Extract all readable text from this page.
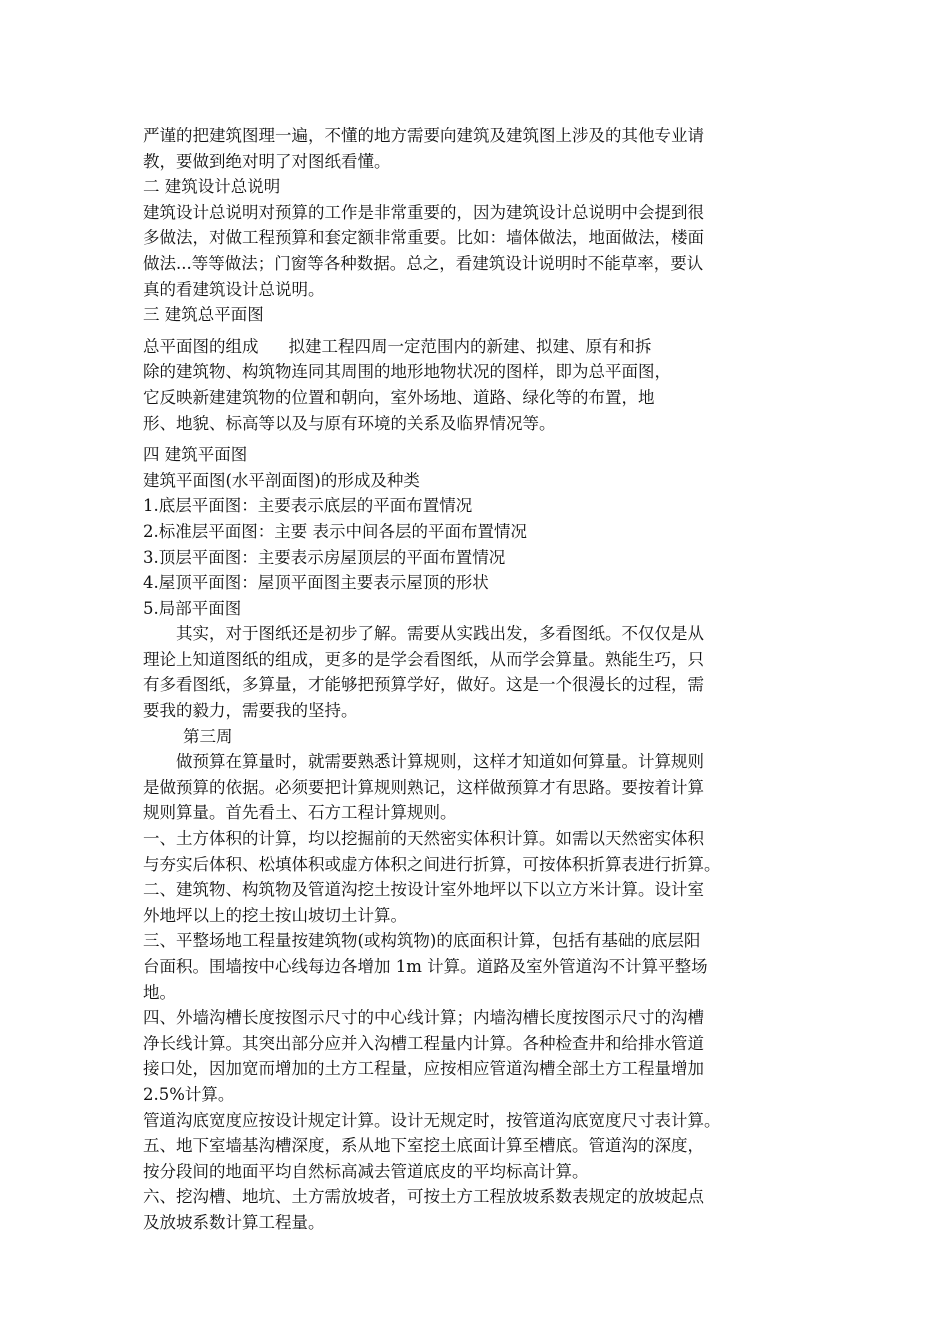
严谨的把建筑图理一遍，不懂的地方需要向建筑及建筑图上涉及的其他专业请
教，要做到绝对明了对图纸看懂。
二 建筑设计总说明
建筑设计总说明对预算的工作是非常重要的，因为建筑设计总说明中会提到很
多做法，对做工程预算和套定额非常重要。比如：墙体做法，地面做法，楼面
做法...等等做法；门窗等各种数据。总之，看建筑设计说明时不能草率，要认
真的看建筑设计总说明。
三 建筑总平面图
总平面图的组成 拟建工程四周一定范围内的新建、拟建、原有和拆
除的建筑物、构筑物连同其周围的地形地物状况的图样，即为总平面图，
它反映新建建筑物的位置和朝向，室外场地、道路、绿化等的布置，地
形、地貌、标高等以及与原有环境的关系及临界情况等。
四 建筑平面图
建筑平面图(水平剖面图)的形成及种类
1.底层平面图：主要表示底层的平面布置情况
2.标准层平面图：主要 表示中间各层的平面布置情况
3.顶层平面图：主要表示房屋顶层的平面布置情况
4.屋顶平面图：屋顶平面图主要表示屋顶的形状
5.局部平面图
其实，对于图纸还是初步了解。需要从实践出发，多看图纸。不仅仅是从
理论上知道图纸的组成，更多的是学会看图纸，从而学会算量。熟能生巧，只
有多看图纸，多算量，才能够把预算学好，做好。这是一个很漫长的过程，需
要我的毅力，需要我的坚持。
第三周
做预算在算量时，就需要熟悉计算规则，这样才知道如何算量。计算规则
是做预算的依据。必须要把计算规则熟记，这样做预算才有思路。要按着计算
规则算量。首先看土、石方工程计算规则。
一、土方体积的计算，均以挖掘前的天然密实体积计算。如需以天然密实体积
与夯实后体积、松填体积或虚方体积之间进行折算，可按体积折算表进行折算。
二、建筑物、构筑物及管道沟挖土按设计室外地坪以下以立方米计算。设计室
外地坪以上的挖土按山坡切土计算。
三、平整场地工程量按建筑物(或构筑物)的底面积计算，包括有基础的底层阳
台面积。围墙按中心线每边各增加 1m 计算。道路及室外管道沟不计算平整场
地。
四、外墙沟槽长度按图示尺寸的中心线计算；内墙沟槽长度按图示尺寸的沟槽
净长线计算。其突出部分应并入沟槽工程量内计算。各种检查井和给排水管道
接口处，因加宽而增加的土方工程量，应按相应管道沟槽全部土方工程量增加
2.5%计算。
管道沟底宽度应按设计规定计算。设计无规定时，按管道沟底宽度尺寸表计算。
五、地下室墙基沟槽深度，系从地下室挖土底面计算至槽底。管道沟的深度，
按分段间的地面平均自然标高减去管道底皮的平均标高计算。
六、挖沟槽、地坑、土方需放坡者，可按土方工程放坡系数表规定的放坡起点
及放坡系数计算工程量。
